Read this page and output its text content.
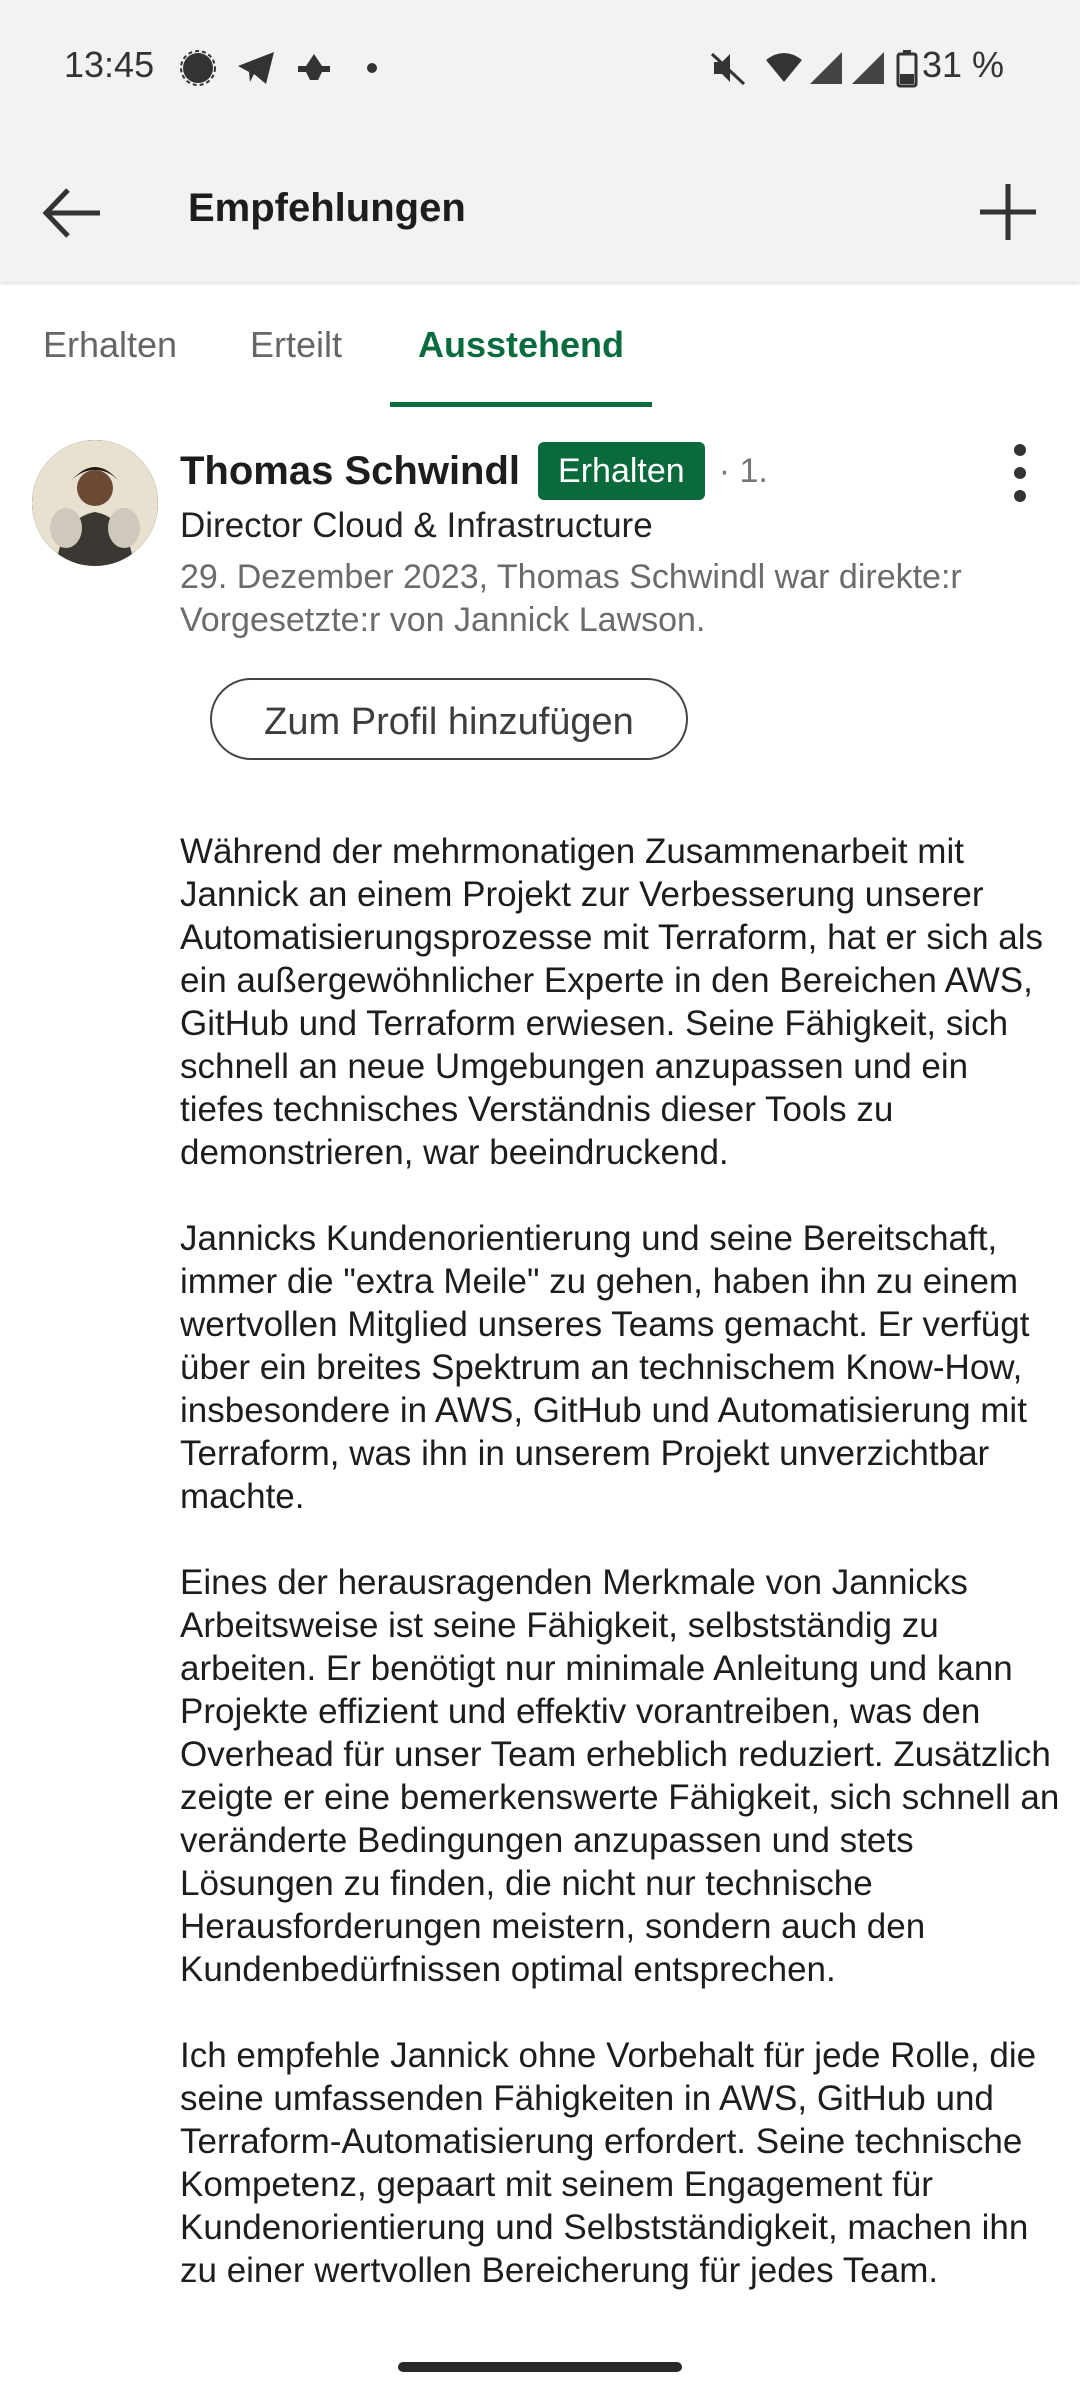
13:45	31 %
Empfehlungen
Erhalten	Erteilt	Ausstehend
Thomas Schwindl	Erhalten	· 1.
Director Cloud & Infrastructure
29. Dezember 2023, Thomas Schwindl war direkte:r Vorgesetzte:r von Jannick Lawson.
Zum Profil hinzufügen

Während der mehrmonatigen Zusammenarbeit mit Jannick an einem Projekt zur Verbesserung unserer Automatisierungsprozesse mit Terraform, hat er sich als ein außergewöhnlicher Experte in den Bereichen AWS, GitHub und Terraform erwiesen. Seine Fähigkeit, sich schnell an neue Umgebungen anzupassen und ein tiefes technisches Verständnis dieser Tools zu demonstrieren, war beeindruckend.

Jannicks Kundenorientierung und seine Bereitschaft, immer die "extra Meile" zu gehen, haben ihn zu einem wertvollen Mitglied unseres Teams gemacht. Er verfügt über ein breites Spektrum an technischem Know-How, insbesondere in AWS, GitHub und Automatisierung mit Terraform, was ihn in unserem Projekt unverzichtbar machte.

Eines der herausragenden Merkmale von Jannicks Arbeitsweise ist seine Fähigkeit, selbstständig zu arbeiten. Er benötigt nur minimale Anleitung und kann Projekte effizient und effektiv vorantreiben, was den Overhead für unser Team erheblich reduziert. Zusätzlich zeigte er eine bemerkenswerte Fähigkeit, sich schnell an veränderte Bedingungen anzupassen und stets Lösungen zu finden, die nicht nur technische Herausforderungen meistern, sondern auch den Kundenbedürfnissen optimal entsprechen.

Ich empfehle Jannick ohne Vorbehalt für jede Rolle, die seine umfassenden Fähigkeiten in AWS, GitHub und Terraform-Automatisierung erfordert. Seine technische Kompetenz, gepaart mit seinem Engagement für Kundenorientierung und Selbstständigkeit, machen ihn zu einer wertvollen Bereicherung für jedes Team.
